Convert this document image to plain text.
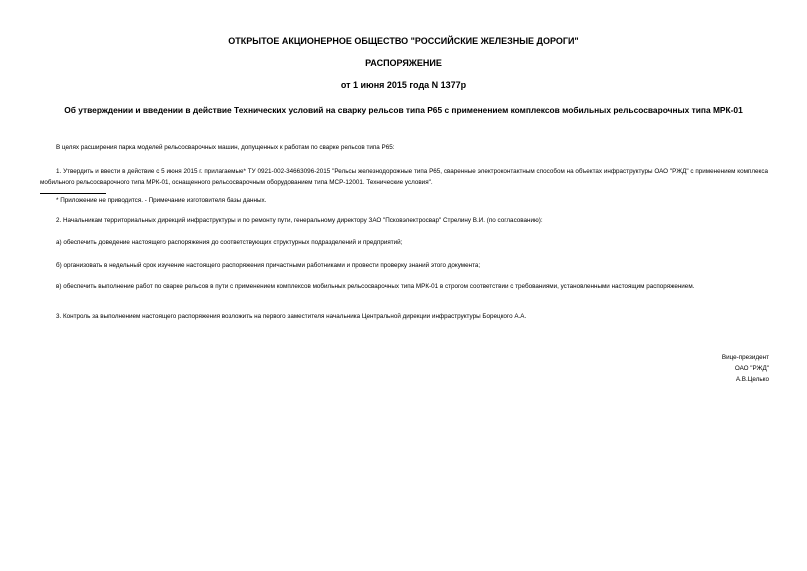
ОТКРЫТОЕ АКЦИОНЕРНОЕ ОБЩЕСТВО "РОССИЙСКИЕ ЖЕЛЕЗНЫЕ ДОРОГИ"
РАСПОРЯЖЕНИЕ
от 1 июня 2015 года N 1377р
Об утверждении и введении в действие Технических условий на сварку рельсов типа Р65 с применением комплексов мобильных рельсосварочных типа МРК-01
В целях расширения парка моделей рельсосварочных машин, допущенных к работам по сварке рельсов типа Р65:
1. Утвердить и ввести в действие с 5 июня 2015 г. прилагаемые* ТУ 0921-002-34663096-2015 "Рельсы железнодорожные типа Р65, сваренные электроконтактным способом на объектах инфраструктуры ОАО "РЖД" с применением комплекса мобильного рельсосварочного типа МРК-01, оснащенного рельсосварочным оборудованием типа МСР-12001. Технические условия".
* Приложение не приводится. - Примечание изготовителя базы данных.
2. Начальникам территориальных дирекций инфраструктуры и по ремонту пути, генеральному директору ЗАО "Псковэлектросвар" Стрелину В.И. (по согласованию):
а) обеспечить доведение настоящего распоряжения до соответствующих структурных подразделений и предприятий;
б) организовать в недельный срок изучение настоящего распоряжения причастными работниками и провести проверку знаний этого документа;
в) обеспечить выполнение работ по сварке рельсов в пути с применением комплексов мобильных рельсосварочных типа МРК-01 в строгом соответствии с требованиями, установленными настоящим распоряжением.
3. Контроль за выполнением настоящего распоряжения возложить на первого заместителя начальника Центральной дирекции инфраструктуры Борецкого А.А.
Вице-президент
ОАО "РЖД"
А.В.Целько
